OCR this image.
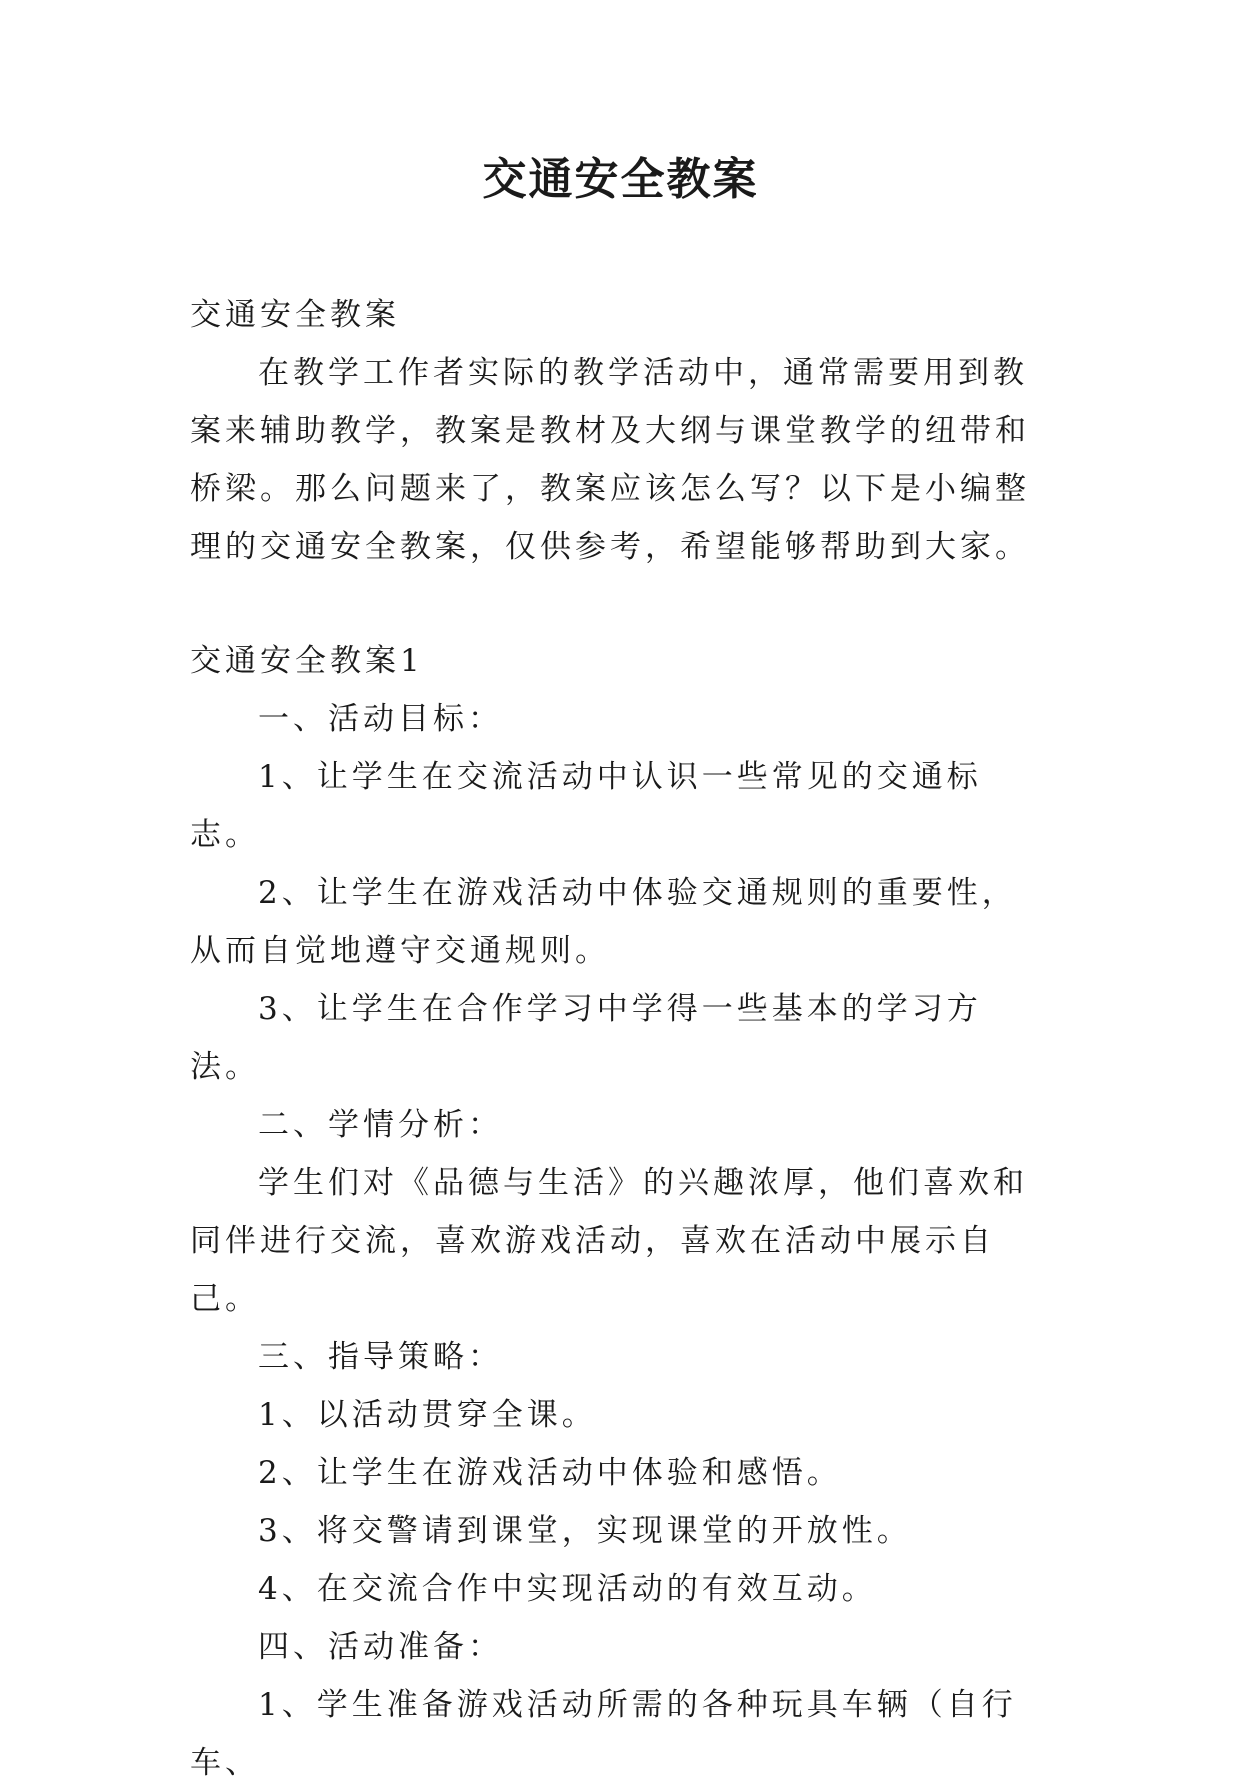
交通安全教案

交通安全教案

在教学工作者实际的教学活动中，通常需要用到教案来辅助教学，教案是教材及大纲与课堂教学的纽带和桥梁。那么问题来了，教案应该怎么写？以下是小编整理的交通安全教案，仅供参考，希望能够帮助到大家。

交通安全教案1

一、活动目标：

1、让学生在交流活动中认识一些常见的交通标志。

2、让学生在游戏活动中体验交通规则的重要性，从而自觉地遵守交通规则。

3、让学生在合作学习中学得一些基本的学习方法。

二、学情分析：

学生们对《品德与生活》的兴趣浓厚，他们喜欢和同伴进行交流，喜欢游戏活动，喜欢在活动中展示自己。

三、指导策略：

1、以活动贯穿全课。

2、让学生在游戏活动中体验和感悟。

3、将交警请到课堂，实现课堂的开放性。

4、在交流合作中实现活动的有效互动。

四、活动准备：

1、学生准备游戏活动所需的各种玩具车辆（自行车、
